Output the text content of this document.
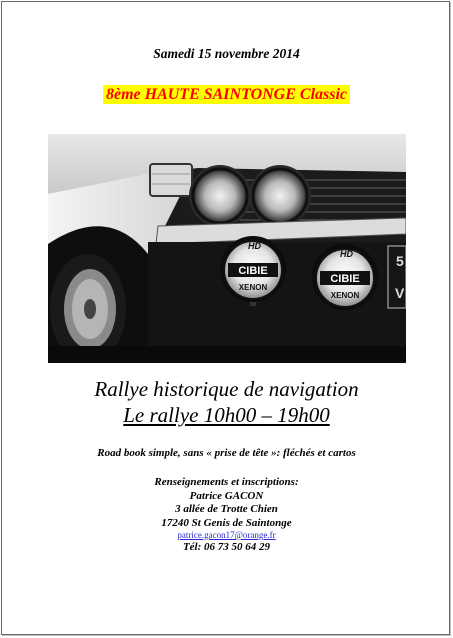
Samedi 15 novembre 2014
8ème HAUTE SAINTONGE Classic
5
V
HD
CIBIE
XENON
HD
CIBIE
XENON
Rallye historique de navigation
Le rallye 10h00 – 19h00
Road book simple, sans « prise de tête »: fléchés et cartos
Renseignements et inscriptions:
Patrice GACON
3 allée de Trotte Chien
17240 St Genis de Saintonge
patrice.gacon17@orange.fr
Tél: 06 73 50 64 29
